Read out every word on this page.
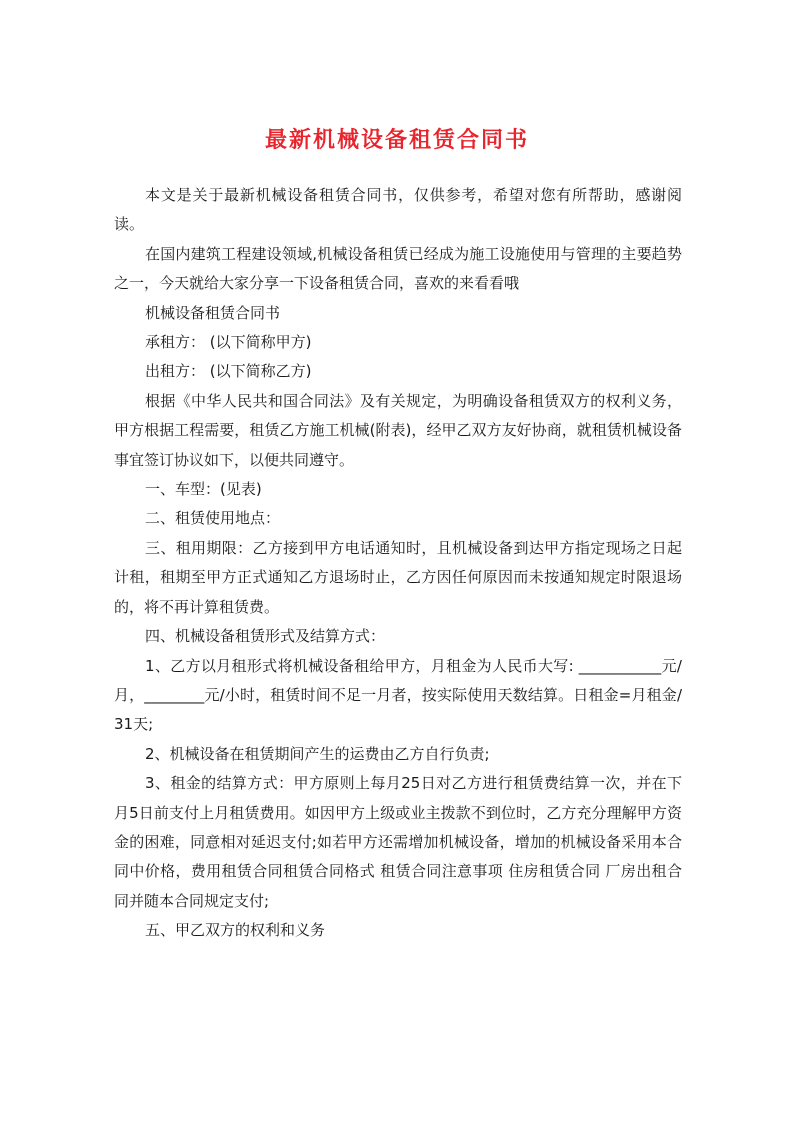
最新机械设备租赁合同书

本文是关于最新机械设备租赁合同书，仅供参考，希望对您有所帮助，感谢阅读。

在国内建筑工程建设领域,机械设备租赁已经成为施工设施使用与管理的主要趋势之一，今天就给大家分享一下设备租赁合同，喜欢的来看看哦

机械设备租赁合同书

承租方： (以下简称甲方)

出租方： (以下简称乙方)

根据《中华人民共和国合同法》及有关规定，为明确设备租赁双方的权利义务，甲方根据工程需要，租赁乙方施工机械(附表)，经甲乙双方友好协商，就租赁机械设备事宜签订协议如下，以便共同遵守。

一、车型：(见表)

二、租赁使用地点：

三、租用期限：乙方接到甲方电话通知时，且机械设备到达甲方指定现场之日起计租，租期至甲方正式通知乙方退场时止，乙方因任何原因而未按通知规定时限退场的，将不再计算租赁费。

四、机械设备租赁形式及结算方式：

1、乙方以月租形式将机械设备租给甲方，月租金为人民币大写: ___________元/月，________元/小时，租赁时间不足一月者，按实际使用天数结算。日租金=月租金/31天;

2、机械设备在租赁期间产生的运费由乙方自行负责;

3、租金的结算方式：甲方原则上每月25日对乙方进行租赁费结算一次，并在下月5日前支付上月租赁费用。如因甲方上级或业主拨款不到位时，乙方充分理解甲方资金的困难，同意相对延迟支付;如若甲方还需增加机械设备，增加的机械设备采用本合同中价格，费用租赁合同租赁合同格式 租赁合同注意事项 住房租赁合同 厂房出租合同并随本合同规定支付;

五、甲乙双方的权利和义务
